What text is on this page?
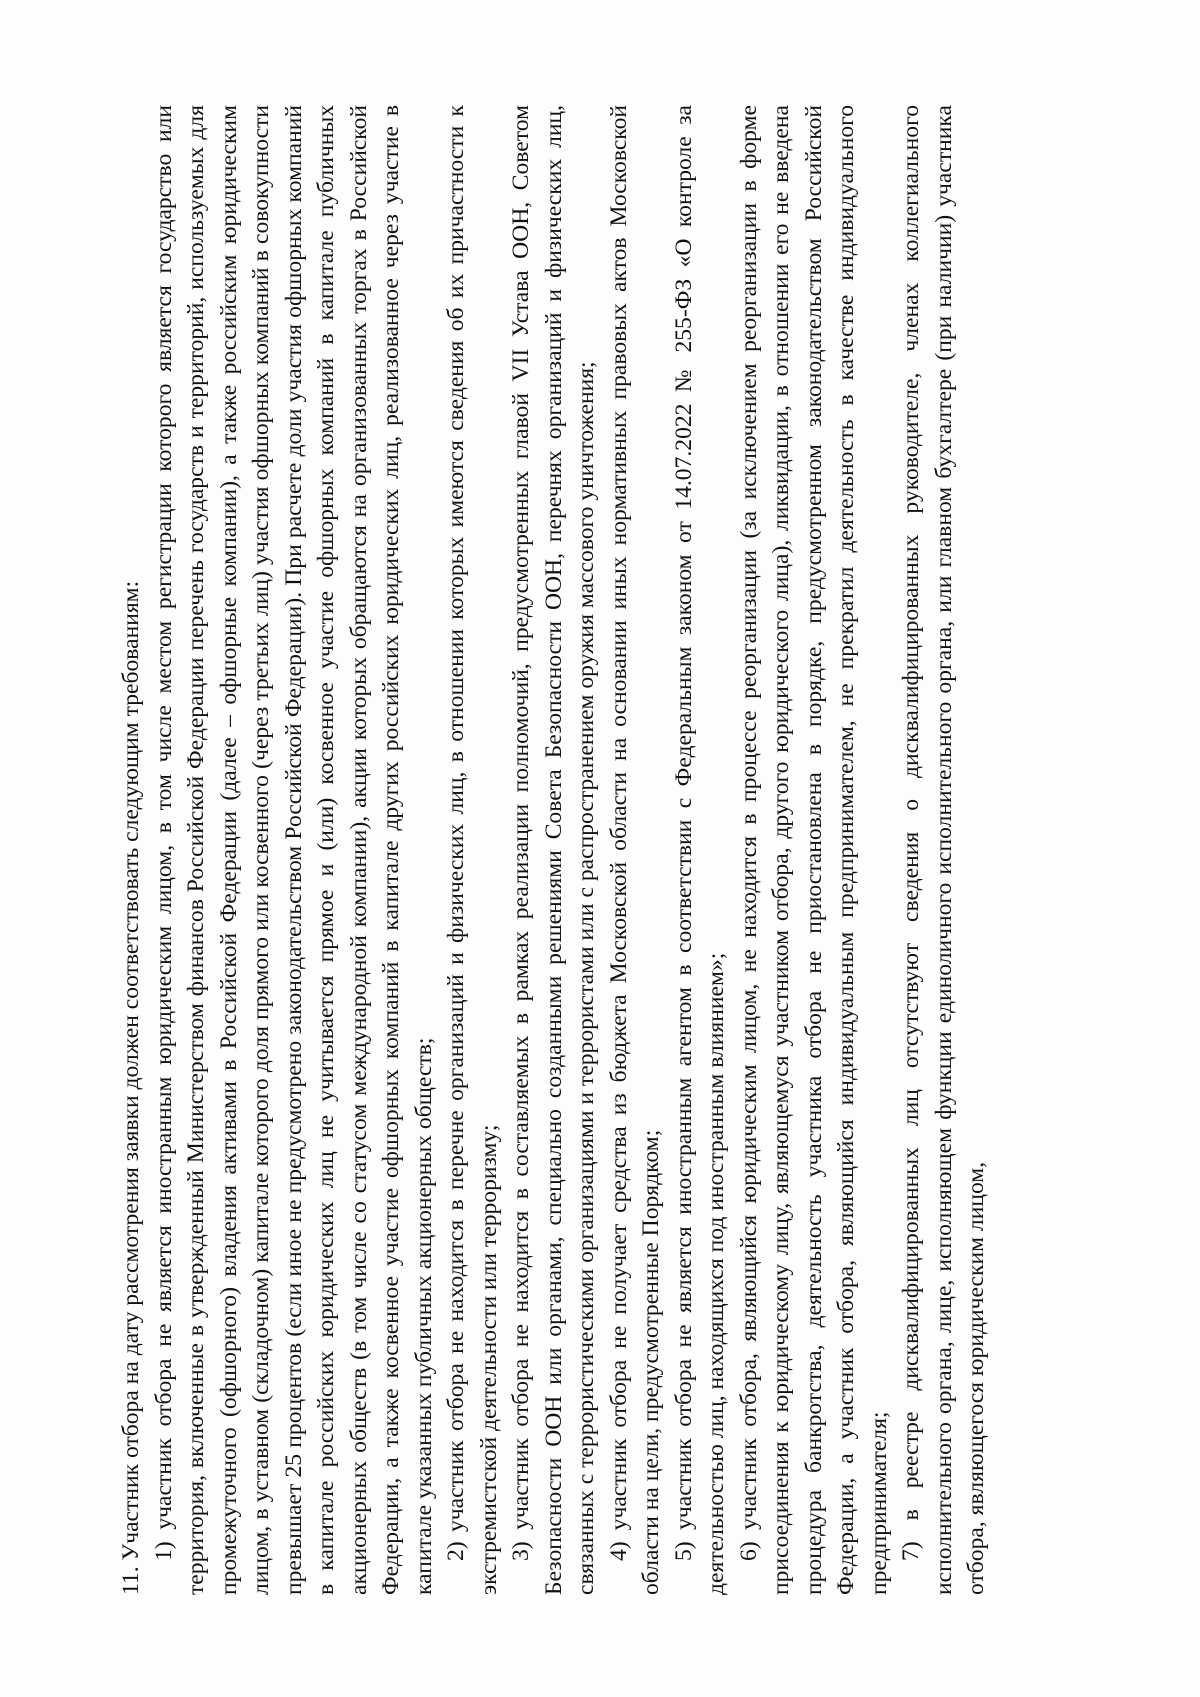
11. Участник отбора на дату рассмотрения заявки должен соответствовать следующим требованиям: 1) участник отбора не является иностранным юридическим лицом, в том числе местом регистрации которого является государство или территория, включенные в утвержденный Министерством финансов Российской Федерации перечень государств и территорий, используемых для промежуточного (офшорного) владения активами в Российской Федерации (далее – офшорные компании), а также российским юридическим лицом, в уставном (складочном) капитале которого доля прямого или косвенного (через третьих лиц) участия офшорных компаний в совокупности превышает 25 процентов (если иное не предусмотрено законодательством Российской Федерации). При расчете доли участия офшорных компаний в капитале российских юридических лиц не учитывается прямое и (или) косвенное участие офшорных компаний в капитале публичных акционерных обществ (в том числе со статусом международной компании), акции которых обращаются на организованных торгах в Российской Федерации, а также косвенное участие офшорных компаний в капитале других российских юридических лиц, реализованное через участие в капитале указанных публичных акционерных обществ; 2) участник отбора не находится в перечне организаций и физических лиц, в отношении которых имеются сведения об их причастности к экстремистской деятельности или терроризму; 3) участник отбора не находится в составляемых в рамках реализации полномочий, предусмотренных главой VII Устава ООН, Советом Безопасности ООН или органами, специально созданными решениями Совета Безопасности ООН, перечнях организаций и физических лиц, связанных с террористическими организациями и террористами или с распространением оружия массового уничтожения; 4) участник отбора не получает средства из бюджета Московской области на основании иных нормативных правовых актов Московской области на цели, предусмотренные Порядком; 5) участник отбора не является иностранным агентом в соответствии с Федеральным законом от 14.07.2022 № 255-ФЗ «О контроле за деятельностью лиц, находящихся под иностранным влиянием»; 6) участник отбора, являющийся юридическим лицом, не находится в процессе реорганизации (за исключением реорганизации в форме присоединения к юридическому лицу, являющемуся участником отбора, другого юридического лица), ликвидации, в отношении его не введена процедура банкротства, деятельность участника отбора не приостановлена в порядке, предусмотренном законодательством Российской Федерации, а участник отбора, являющийся индивидуальным предпринимателем, не прекратил деятельность в качестве индивидуального предпринимателя; 7) в реестре дисквалифицированных лиц отсутствуют сведения о дисквалифицированных руководителе, членах коллегиального исполнительного органа, лице, исполняющем функции единоличного исполнительного органа, или главном бухгалтере (при наличии) участника отбора, являющегося юридическим лицом,
